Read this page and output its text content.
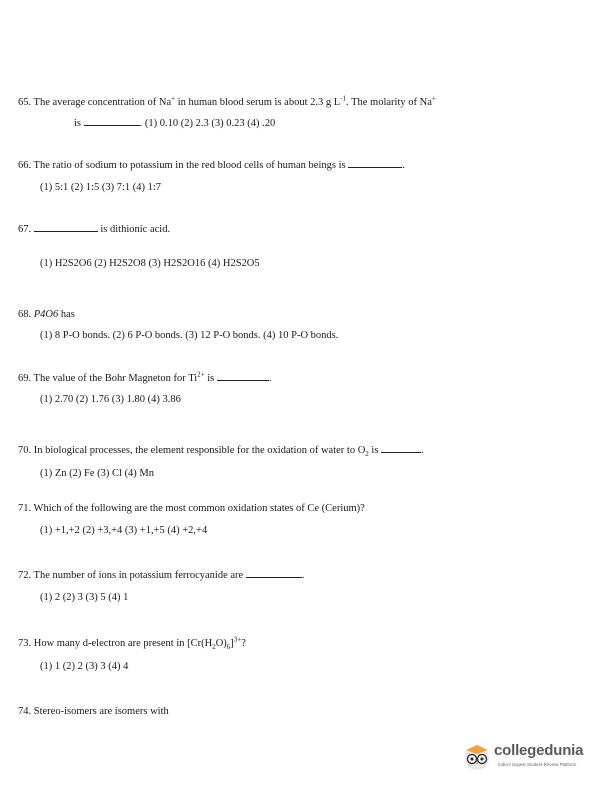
65. The average concentration of Na+ in human blood serum is about 2.3 g $L^{-1}$. The molarity of Na+
is	. (1) 0.10 (2) 2.3 (3) 0.23 (4) .20
66. The ratio of sodium to potassium in the red blood cells of human beings is	.
(1) 5:1 (2) 1:5 (3) 7:1 (4) 1:7
67.	is dithionic acid.
(1) H2S2O6 (2) H2S2O8 (3) H2S2O16 (4) H2S2O5
68. P4O6 has
(1) 8 P-O bonds. (2) 6 P-O bonds. (3) 12 P-O bonds. (4) 10 P-O bonds.
69. The value of the Bohr Magneton for $Ti^{2+}$ is	.
(1) 2.70 (2) 1.76 (3) 1.80 (4) 3.86
70. In biological processes, the element responsible for the oxidation of water to $O_2$ is	.
(1) Zn (2) Fe (3) Cl (4) Mn
71. Which of the following are the most common oxidation states of Ce (Cerium)?
(1) +1,+2 (2) +3,+4 (3) +1,+5 (4) +2,+4
72. The number of ions in potassium ferrocyanide are	.
(1) 2 (2) 3 (3) 5 (4) 1
73. How many d-electron are present in $[Cr(H_2O)_6]^{3+}$?
(1) 1 (2) 2 (3) 3 (4) 4
74. Stereo-isomers are isomers with
collegedunia
India's largest Student Review Platform
